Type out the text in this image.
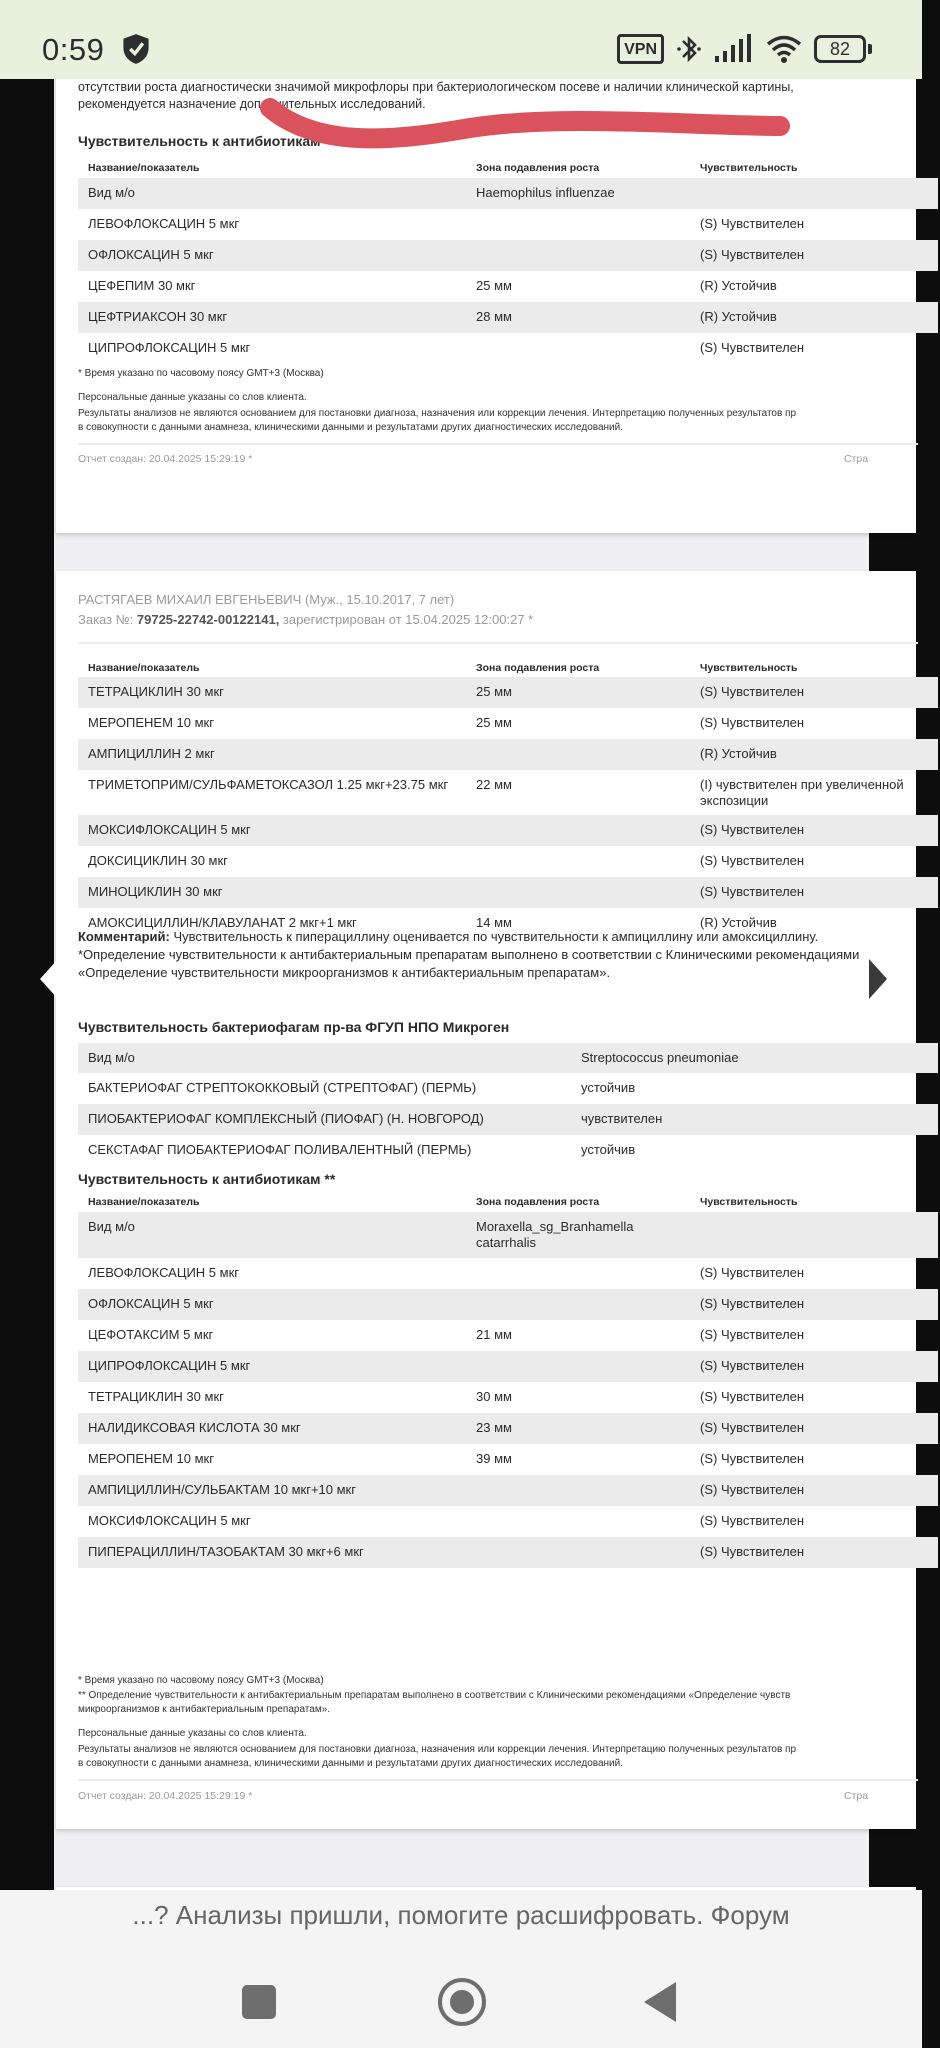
0:59	VPN	82
отсутствии роста диагностически значимой микрофлоры при бактериологическом посеве и наличии клинической картины,
рекомендуется назначение дополнительных исследований.
Чувствительность к антибиотикам
Название/показатель	Зона подавления роста	Чувствительность
Вид м/о	Haemophilus influenzae
ЛЕВОФЛОКСАЦИН 5 мкг	(S) Чувствителен
ОФЛОКСАЦИН 5 мкг	(S) Чувствителен
ЦЕФЕПИМ 30 мкг	25 мм	(R) Устойчив
ЦЕФТРИАКСОН 30 мкг	28 мм	(R) Устойчив
ЦИПРОФЛОКСАЦИН 5 мкг	(S) Чувствителен
* Время указано по часовому поясу GMT+3 (Москва)
Персональные данные указаны со слов клиента.
Результаты анализов не являются основанием для постановки диагноза, назначения или коррекции лечения. Интерпретацию полученных результатов пр
в совокупности с данными анамнеза, клиническими данными и результатами других диагностических исследований.
Отчет создан: 20.04.2025 15:29:19 *	Стра
РАСТЯГАЕВ МИХАИЛ ЕВГЕНЬЕВИЧ (Муж., 15.10.2017, 7 лет)
Заказ №: 79725-22742-00122141, зарегистрирован от 15.04.2025 12:00:27 *
Название/показатель	Зона подавления роста	Чувствительность
ТЕТРАЦИКЛИН 30 мкг	25 мм	(S) Чувствителен
МЕРОПЕНЕМ 10 мкг	25 мм	(S) Чувствителен
АМПИЦИЛЛИН 2 мкг	(R) Устойчив
ТРИМЕТОПРИМ/СУЛЬФАМЕТОКСАЗОЛ 1.25 мкг+23.75 мкг	22 мм	(I) чувствителен при увеличенной экспозиции
МОКСИФЛОКСАЦИН 5 мкг	(S) Чувствителен
ДОКСИЦИКЛИН 30 мкг	(S) Чувствителен
МИНОЦИКЛИН 30 мкг	(S) Чувствителен
АМОКСИЦИЛЛИН/КЛАВУЛАНАТ 2 мкг+1 мкг	14 мм	(R) Устойчив
Комментарий: Чувствительность к пиперациллину оценивается по чувствительности к ампициллину или амоксициллину.
*Определение чувствительности к антибактериальным препаратам выполнено в соответствии с Клиническими рекомендациями
«Определение чувствительности микроорганизмов к антибактериальным препаратам».
Чувствительность бактериофагам пр-ва ФГУП НПО Микроген
Вид м/о	Streptococcus pneumoniae
БАКТЕРИОФАГ СТРЕПТОКОККОВЫЙ (СТРЕПТОФАГ) (ПЕРМЬ)	устойчив
ПИОБАКТЕРИОФАГ КОМПЛЕКСНЫЙ (ПИОФАГ) (Н. НОВГОРОД)	чувствителен
СЕКСТАФАГ ПИОБАКТЕРИОФАГ ПОЛИВАЛЕНТНЫЙ (ПЕРМЬ)	устойчив
Чувствительность к антибиотикам **
Название/показатель	Зона подавления роста	Чувствительность
Вид м/о	Moraxella_sg_Branhamella catarrhalis
ЛЕВОФЛОКСАЦИН 5 мкг	(S) Чувствителен
ОФЛОКСАЦИН 5 мкг	(S) Чувствителен
ЦЕФОТАКСИМ 5 мкг	21 мм	(S) Чувствителен
ЦИПРОФЛОКСАЦИН 5 мкг	(S) Чувствителен
ТЕТРАЦИКЛИН 30 мкг	30 мм	(S) Чувствителен
НАЛИДИКСОВАЯ КИСЛОТА 30 мкг	23 мм	(S) Чувствителен
МЕРОПЕНЕМ 10 мкг	39 мм	(S) Чувствителен
АМПИЦИЛЛИН/СУЛЬБАКТАМ 10 мкг+10 мкг	(S) Чувствителен
МОКСИФЛОКСАЦИН 5 мкг	(S) Чувствителен
ПИПЕРАЦИЛЛИН/ТАЗОБАКТАМ 30 мкг+6 мкг	(S) Чувствителен
* Время указано по часовому поясу GMT+3 (Москва)
** Определение чувствительности к антибактериальным препаратам выполнено в соответствии с Клиническими рекомендациями «Определение чувств
микроорганизмов к антибактериальным препаратам».
Персональные данные указаны со слов клиента.
Результаты анализов не являются основанием для постановки диагноза, назначения или коррекции лечения. Интерпретацию полученных результатов пр
в совокупности с данными анамнеза, клиническими данными и результатами других диагностических исследований.
Отчет создан: 20.04.2025 15:29:19 *	Стра
...? Анализы пришли, помогите расшифровать. Форум
